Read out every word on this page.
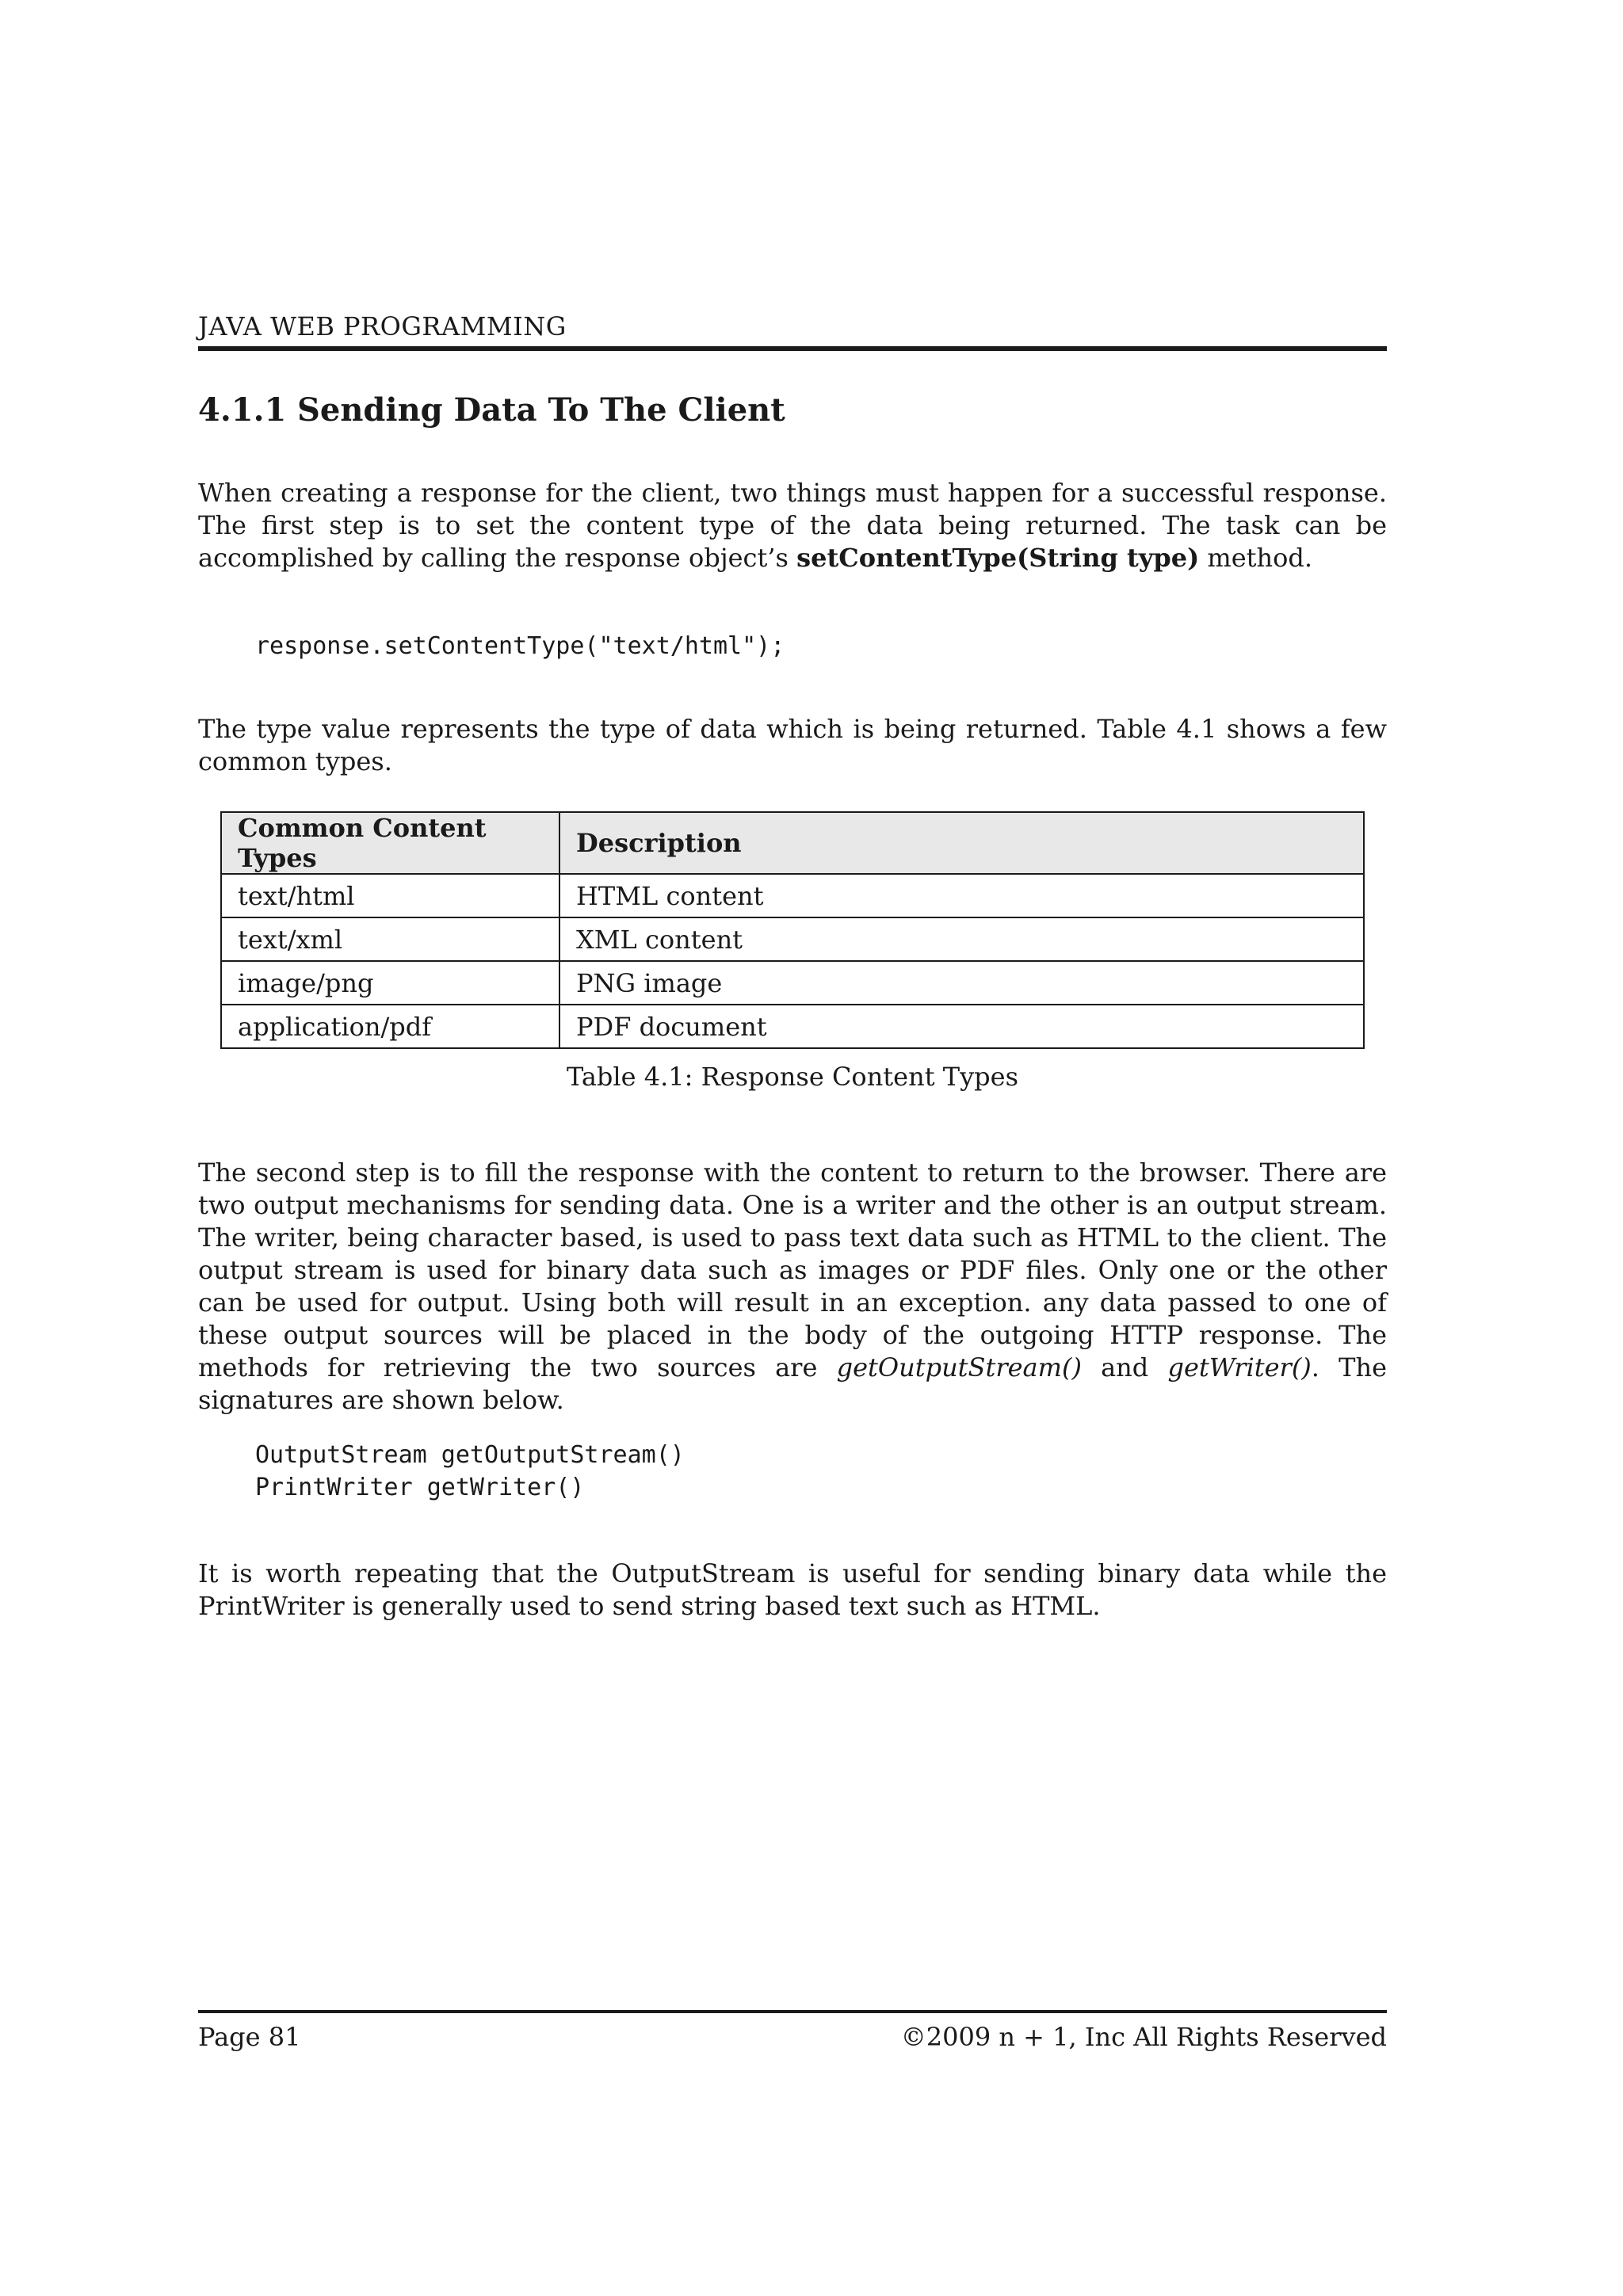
JAVA WEB PROGRAMMING
4.1.1 Sending Data To The Client

When creating a response for the client, two things must happen for a successful response. The first step is to set the content type of the data being returned. The task can be accomplished by calling the response object’s setContentType(String type) method.

response.setContentType("text/html");

The type value represents the type of data which is being returned. Table 4.1 shows a few common types.

Common Content Types	Description
text/html	HTML content
text/xml	XML content
image/png	PNG image
application/pdf	PDF document
Table 4.1: Response Content Types

The second step is to fill the response with the content to return to the browser. There are two output mechanisms for sending data. One is a writer and the other is an output stream. The writer, being character based, is used to pass text data such as HTML to the client. The output stream is used for binary data such as images or PDF files. Only one or the other can be used for output. Using both will result in an exception. any data passed to one of these output sources will be placed in the body of the outgoing HTTP response. The methods for retrieving the two sources are getOutputStream() and getWriter(). The signatures are shown below.

OutputStream getOutputStream()
PrintWriter getWriter()

It is worth repeating that the OutputStream is useful for sending binary data while the PrintWriter is generally used to send string based text such as HTML.

Page 81	©2009 n + 1, Inc All Rights Reserved
